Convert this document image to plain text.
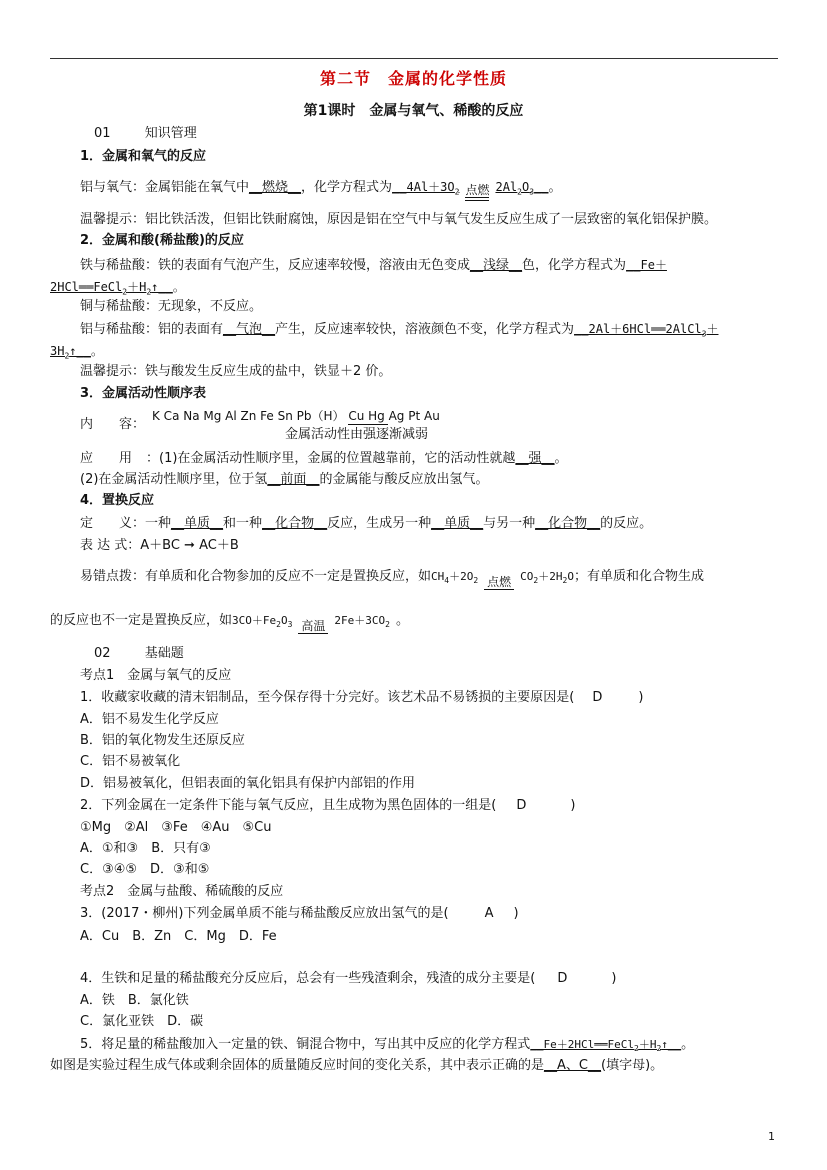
第二节　金属的化学性质
第1课时　金属与氧气、稀酸的反应
01	知识管理
1．金属和氧气的反应
铝与氧气：金属铝能在氧气中__燃烧__，化学方程式为$\_\_4Al+3O_2$ 点燃 $2Al_2O_3\_\_$。
温馨提示：铝比铁活泼，但铝比铁耐腐蚀，原因是铝在空气中与氧气发生反应生成了一层致密的氧化铝保护膜。
2．金属和酸(稀盐酸)的反应
铁与稀盐酸：铁的表面有气泡产生，反应速率较慢，溶液由无色变成__浅绿__色，化学方程式为__Fe＋
$2HCl══FeCl_2+H_2↑\_\_$。
铜与稀盐酸：无现象，不反应。
铝与稀盐酸：铝的表面有__气泡__产生，反应速率较快，溶液颜色不变，化学方程式为__2Al＋6HCl══2AlCl$_3$＋
$3H_2↑\_\_$。
温馨提示：铁与酸发生反应生成的盐中，铁显＋2 价。
3．金属活动性顺序表
内　　容：
K Ca Na Mg Al Zn Fe Sn Pb（H） Cu Hg Ag Pt Au
金属活动性由强逐渐减弱
应　　用 ：(1)在金属活动性顺序里，金属的位置越靠前，它的活动性就越__强__。
(2)在金属活动性顺序里，位于氢__前面__的金属能与酸反应放出氢气。
4．置换反应
定　　义：一种__单质__和一种__化合物__反应，生成另一种__单质__与另一种__化合物__的反应。
表 达 式：A＋BC ➞ AC＋B
易错点拨：有单质和化合物参加的反应不一定是置换反应，如$CH_4+2O_2$ 点燃 $CO_2+2H_2O$；有单质和化合物生成
的反应也不一定是置换反应，如$3CO+Fe_2O_3$ 高温 $2Fe+3CO_2$ 。
02	基础题
考点1　金属与氧气的反应
1．收藏家收藏的清末铝制品，至今保存得十分完好。该艺术品不易锈损的主要原因是( D	)
A．铝不易发生化学反应
B．铝的氧化物发生还原反应
C．铝不易被氧化
D．铝易被氧化，但铝表面的氧化铝具有保护内部铝的作用
2．下列金属在一定条件下能与氧气反应，且生成物为黑色固体的一组是( D	)
①Mg　②Al　③Fe　④Au　⑤Cu
A．①和③　B．只有③
C．③④⑤　D．③和⑤
考点2　金属与盐酸、稀硫酸的反应
3．(2017・柳州)下列金属单质不能与稀盐酸反应放出氢气的是(	A )
A．Cu　B．Zn　C．Mg　D．Fe
4．生铁和足量的稀盐酸充分反应后，总会有一些残渣剩余，残渣的成分主要是( D	)
A．铁　B．氯化铁
C．氯化亚铁　D．碳
5．将足量的稀盐酸加入一定量的铁、铜混合物中，写出其中反应的化学方程式$\_\_Fe+2HCl══FeCl_2+H_2↑\_\_$。
如图是实验过程生成气体或剩余固体的质量随反应时间的变化关系，其中表示正确的是__A、C__(填字母)。
1
